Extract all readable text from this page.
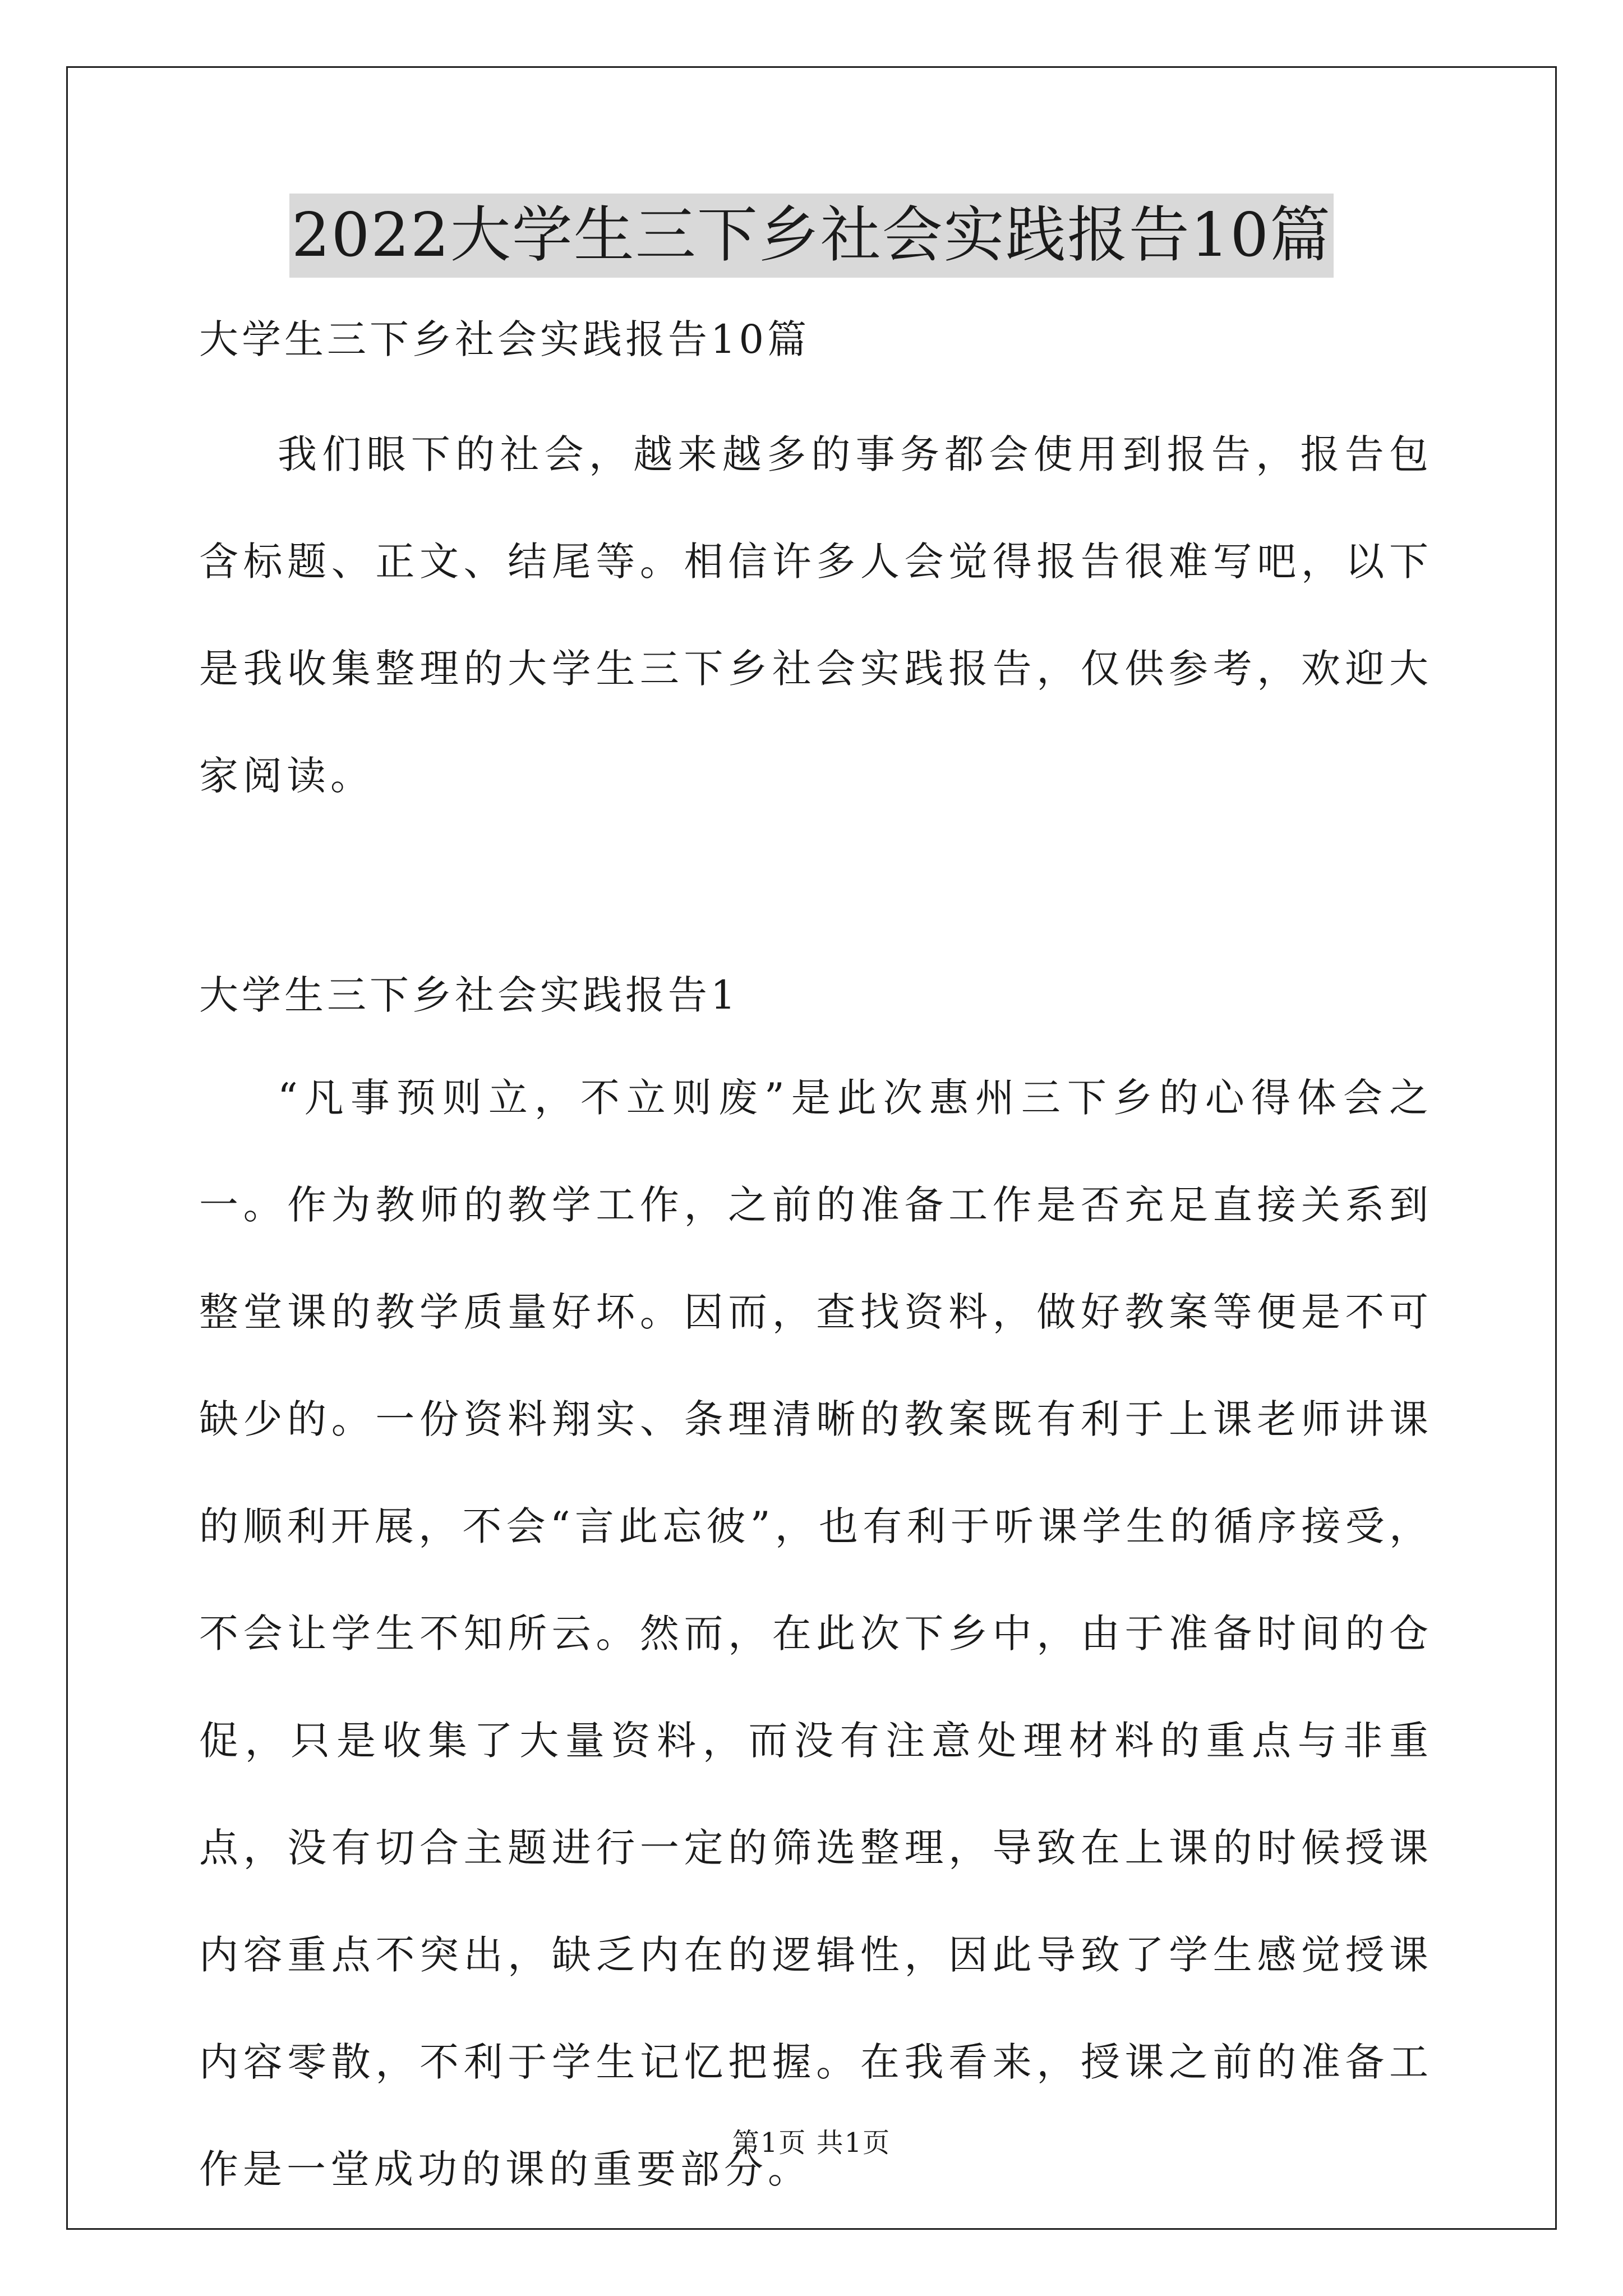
2022大学生三下乡社会实践报告10篇

大学生三下乡社会实践报告10篇

我们眼下的社会，越来越多的事务都会使用到报告，报告包含标题、正文、结尾等。相信许多人会觉得报告很难写吧，以下是我收集整理的大学生三下乡社会实践报告，仅供参考，欢迎大家阅读。

大学生三下乡社会实践报告1

“凡事预则立，不立则废”是此次惠州三下乡的心得体会之一。作为教师的教学工作，之前的准备工作是否充足直接关系到整堂课的教学质量好坏。因而，查找资料，做好教案等便是不可缺少的。一份资料翔实、条理清晰的教案既有利于上课老师讲课的顺利开展，不会“言此忘彼”，也有利于听课学生的循序接受，不会让学生不知所云。然而，在此次下乡中，由于准备时间的仓促，只是收集了大量资料，而没有注意处理材料的重点与非重点，没有切合主题进行一定的筛选整理，导致在上课的时候授课内容重点不突出，缺乏内在的逻辑性，因此导致了学生感觉授课内容零散，不利于学生记忆把握。在我看来，授课之前的准备工作是一堂成功的课的重要部分。

第1页 共1页
